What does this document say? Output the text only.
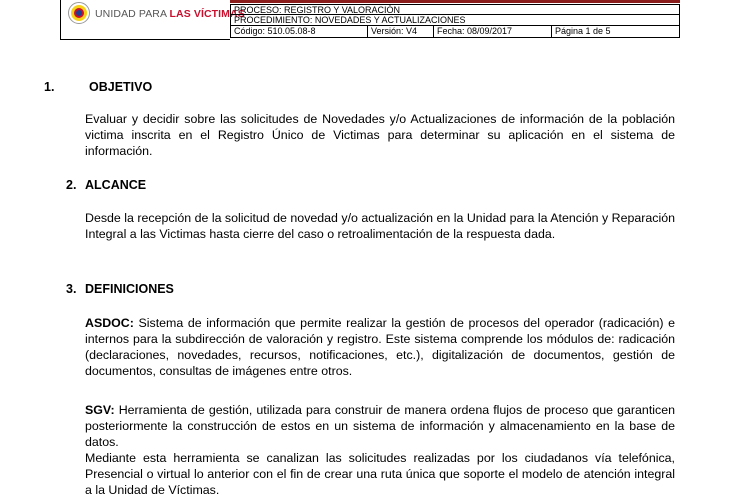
UNIDAD PARA LAS VÍCTIMAS
PROCESO: REGISTRO Y VALORACIÓN
PROCEDIMIENTO: NOVEDADES Y ACTUALIZACIONES
Código: 510.05.08-8	Versión: V4	Fecha: 08/09/2017	Página 1 de 5
1.	OBJETIVO
Evaluar y decidir sobre las solicitudes de Novedades y/o Actualizaciones de información de la población victima inscrita en el Registro Único de Victimas para determinar su aplicación en el sistema de información.
2. ALCANCE
Desde la recepción de la solicitud de novedad y/o actualización en la Unidad para la Atención y Reparación Integral a las Victimas hasta cierre del caso o retroalimentación de la respuesta dada.
3. DEFINICIONES
ASDOC: Sistema de información que permite realizar la gestión de procesos del operador (radicación) e internos para la subdirección de valoración y registro. Este sistema comprende los módulos de: radicación (declaraciones, novedades, recursos, notificaciones, etc.), digitalización de documentos, gestión de documentos, consultas de imágenes entre otros.
SGV: Herramienta de gestión, utilizada para construir de manera ordena flujos de proceso que garanticen posteriormente la construcción de estos en un sistema de información y almacenamiento en la base de datos.
Mediante esta herramienta se canalizan las solicitudes realizadas por los ciudadanos vía telefónica, Presencial o virtual lo anterior con el fin de crear una ruta única que soporte el modelo de atención integral a la Unidad de Víctimas.
